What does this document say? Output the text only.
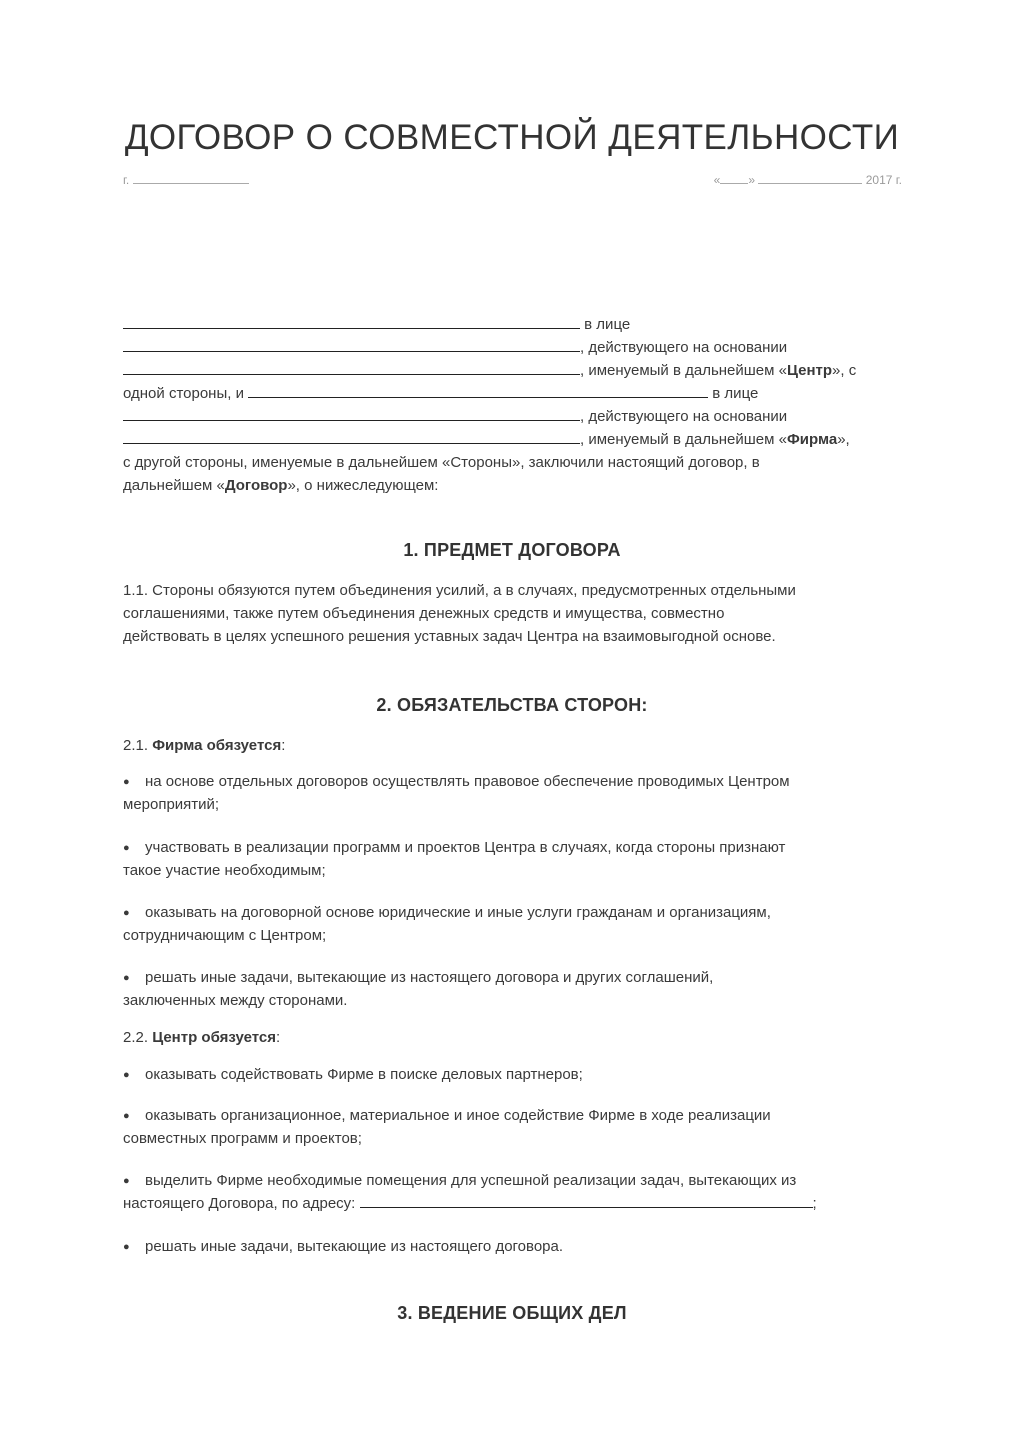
ДОГОВОР О СОВМЕСТНОЙ ДЕЯТЕЛЬНОСТИ
г.	« »	2017 г.
в лице
, действующего на основании
, именуемый в дальнейшем «Центр», с
одной стороны, и	в лице
, действующего на основании
, именуемый в дальнейшем «Фирма»,
с другой стороны, именуемые в дальнейшем «Стороны», заключили настоящий договор, в
дальнейшем «Договор», о нижеследующем:
1. ПРЕДМЕТ ДОГОВОРА
1.1. Стороны обязуются путем объединения усилий, а в случаях, предусмотренных отдельными
соглашениями, также путем объединения денежных средств и имущества, совместно
действовать в целях успешного решения уставных задач Центра на взаимовыгодной основе.
2. ОБЯЗАТЕЛЬСТВА СТОРОН:
2.1. Фирма обязуется:
● на основе отдельных договоров осуществлять правовое обеспечение проводимых Центром
мероприятий;
● участвовать в реализации программ и проектов Центра в случаях, когда стороны признают
такое участие необходимым;
● оказывать на договорной основе юридические и иные услуги гражданам и организациям,
сотрудничающим с Центром;
● решать иные задачи, вытекающие из настоящего договора и других соглашений,
заключенных между сторонами.
2.2. Центр обязуется:
● оказывать содействовать Фирме в поиске деловых партнеров;
● оказывать организационное, материальное и иное содействие Фирме в ходе реализации
совместных программ и проектов;
● выделить Фирме необходимые помещения для успешной реализации задач, вытекающих из
настоящего Договора, по адресу:	;
● решать иные задачи, вытекающие из настоящего договора.
3. ВЕДЕНИЕ ОБЩИХ ДЕЛ
